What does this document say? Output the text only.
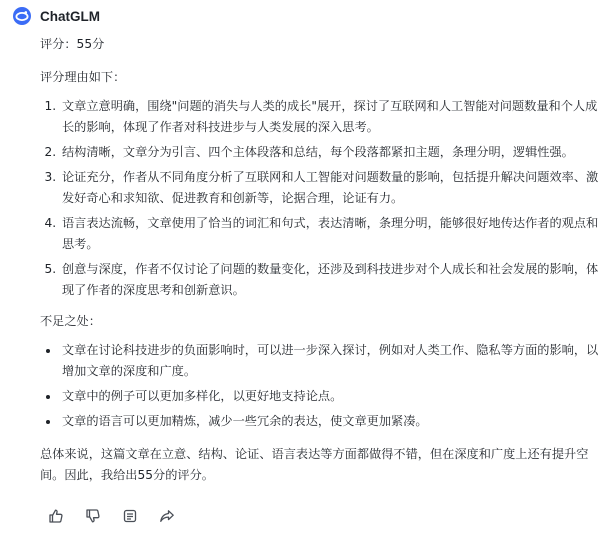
ChatGLM

评分：55分

评分理由如下：

1. 文章立意明确，围绕"问题的消失与人类的成长"展开，探讨了互联网和人工智能对问题数量和个人成长的影响，体现了作者对科技进步与人类发展的深入思考。
2. 结构清晰，文章分为引言、四个主体段落和总结，每个段落都紧扣主题，条理分明，逻辑性强。
3. 论证充分，作者从不同角度分析了互联网和人工智能对问题数量的影响，包括提升解决问题效率、激发好奇心和求知欲、促进教育和创新等，论据合理，论证有力。
4. 语言表达流畅，文章使用了恰当的词汇和句式，表达清晰，条理分明，能够很好地传达作者的观点和思考。
5. 创意与深度，作者不仅讨论了问题的数量变化，还涉及到科技进步对个人成长和社会发展的影响，体现了作者的深度思考和创新意识。

不足之处：

• 文章在讨论科技进步的负面影响时，可以进一步深入探讨，例如对人类工作、隐私等方面的影响，以增加文章的深度和广度。
• 文章中的例子可以更加多样化，以更好地支持论点。
• 文章的语言可以更加精炼，减少一些冗余的表达，使文章更加紧凑。

总体来说，这篇文章在立意、结构、论证、语言表达等方面都做得不错，但在深度和广度上还有提升空间。因此，我给出55分的评分。
